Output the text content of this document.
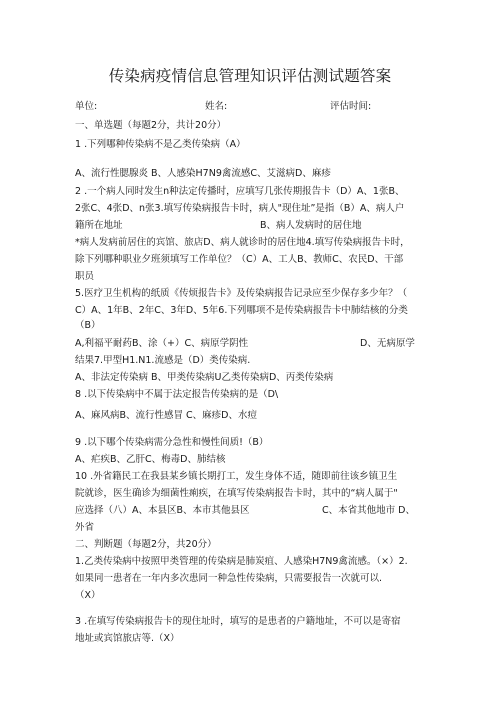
传染病疫情信息管理知识评估测试题答案
单位:	姓名:	评估时间:
一、单选题（每题2分，共计20分）
1 .下列哪种传染病不是乙类传染病（A）
A、流行性腮腺炎 B、人感染H7N9禽流感C、艾滋病D、麻疹
2 .一个病人同时发生n种法定传播时，应填写几张传期报告卡（D）A、1张B、
2张C、4张D、n张3.填写传染病报告卡时，病人"现住址”是指（B）A、病人户
籍所在地址	B、病人发病时的居住地
*病人发病前居住的宾馆、旅店D、病人就诊时的居住地4.填写传染病报告卡时，
除下列哪种职业夕班须填写工作单位？（C）A、工人B、教师C、农民D、干部
职员
5.医疗卫生机构的纸质《传烦报告卡》及传染病报告记录应至少保存多少年？（
C）A、1年B、2年C、3年D、5年6.下列哪项不是传染病报告卡中肺结核的分类
（B）
A,利福平耐药B、涂（+）C、病原学阴性	D、无病原学
结果7.甲型H1.N1.流感是（D）类传染病.
A、非法定传染病 B、甲类传染病U乙类传染病D、丙类传染病
8 .以下传染病中不属于法定报告传染病的是（D\
A、麻风病B、流行性感冒 C、麻疹D、水痘
9 .以下哪个传染病需分急性和慢性间质!（B）
A、疟疾B、乙肝C、梅毒D、肺结核
10 .外省籍民工在我县某乡镇长期打工，发生身体不适，随即前往该乡镇卫生
院就诊，医生确诊为细菌性痢疾，在填写传染病报告卡时，其中的“病人属于"
应选择（八）A、本县区B、本市其他县区	C、本省其他地市 D、
外省
二、判断题（每题2分，共20分）
1.乙类传染病中按照甲类管理的传染病是肺炭疽、人感染H7N9禽流感。（×）2.
如果同一患者在一年内多次患同一种急性传染病，只需要报告一次就可以.
（X）
3 .在填写传染病报告卡的现住址时，填写的是患者的户籍地址，不可以是寄宿
地址或宾馆旅店等.（X）
